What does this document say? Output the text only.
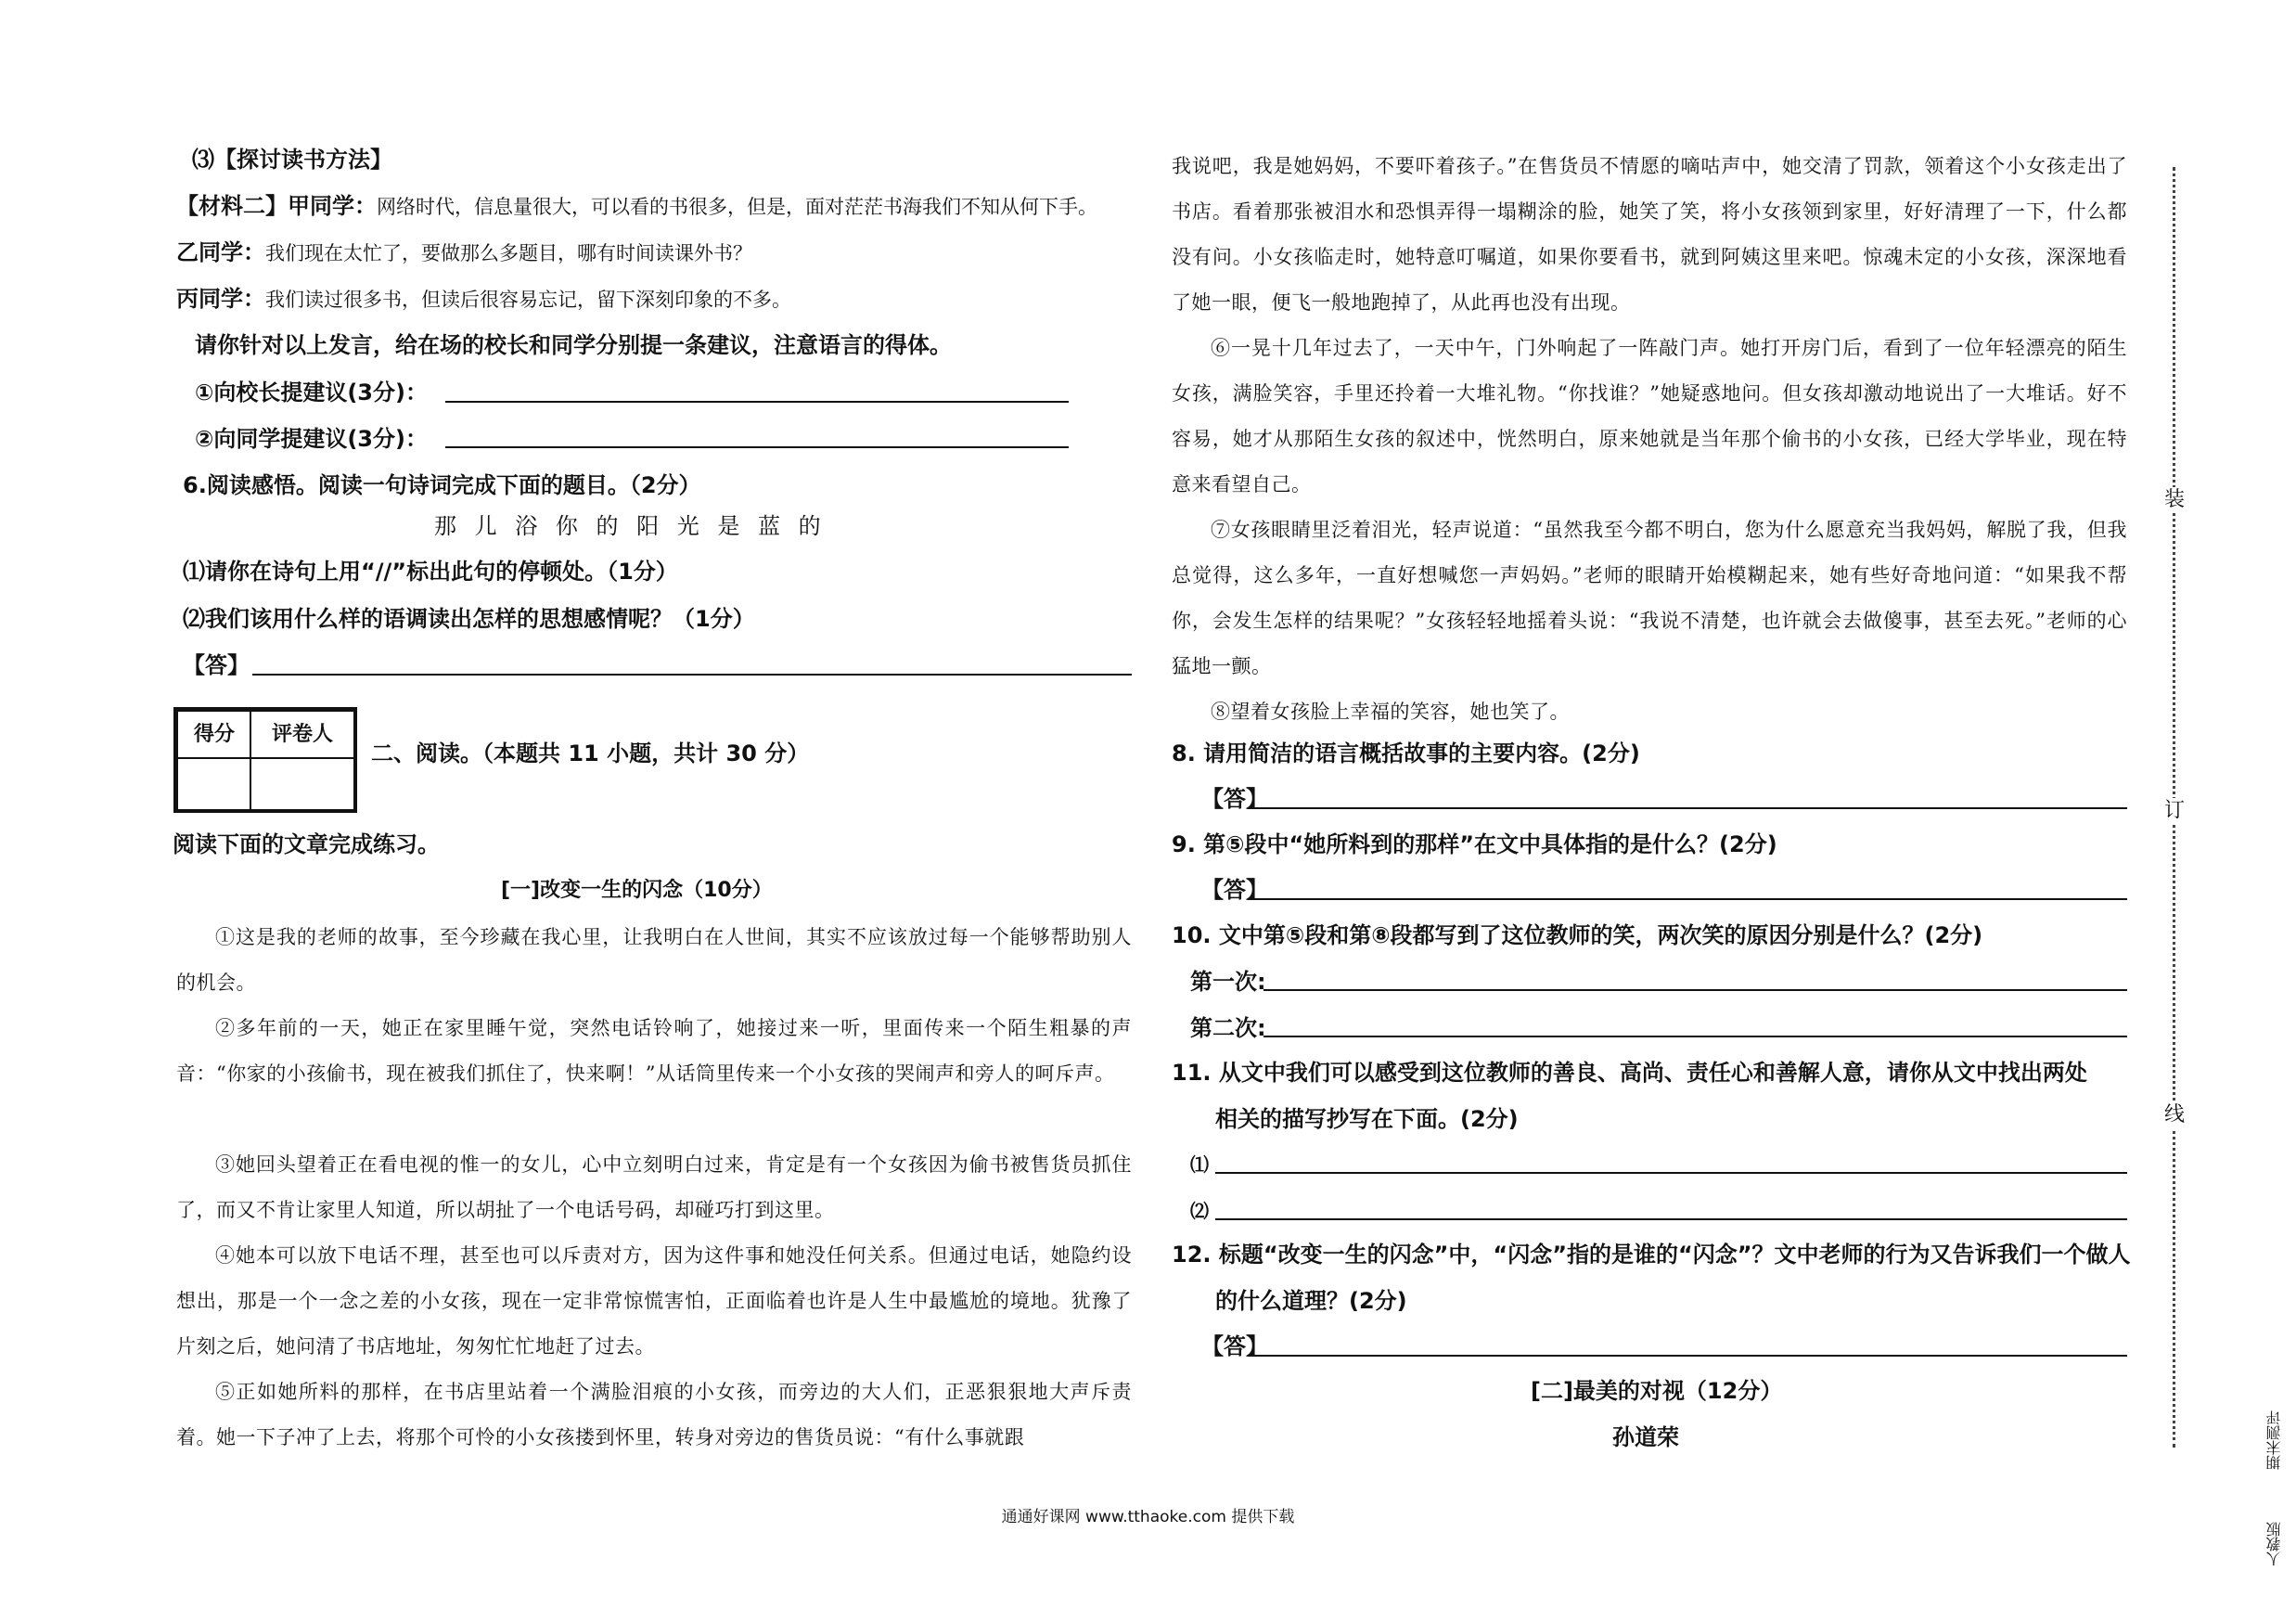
⑶【探讨读书方法】
【材料二】甲同学：网络时代，信息量很大，可以看的书很多，但是，面对茫茫书海我们不知从何下手。
乙同学：我们现在太忙了，要做那么多题目，哪有时间读课外书？
丙同学：我们读过很多书，但读后很容易忘记，留下深刻印象的不多。
请你针对以上发言，给在场的校长和同学分别提一条建议，注意语言的得体。
①向校长提建议(3分)：
②向同学提建议(3分)：
6.阅读感悟。阅读一句诗词完成下面的题目。（2分）
那 儿 浴 你 的 阳 光 是 蓝 的
⑴请你在诗句上用“//”标出此句的停顿处。（1分）
⑵我们该用什么样的语调读出怎样的思想感情呢？（1分）
【答】
得分	评卷人
二、阅读。（本题共 11 小题，共计 30 分）
阅读下面的文章完成练习。
[一]改变一生的闪念（10分）
①这是我的老师的故事，至今珍藏在我心里，让我明白在人世间，其实不应该放过每一个能够帮助别人的机会。
②多年前的一天，她正在家里睡午觉，突然电话铃响了，她接过来一听，里面传来一个陌生粗暴的声音：“你家的小孩偷书，现在被我们抓住了，快来啊！”从话筒里传来一个小女孩的哭闹声和旁人的呵斥声。
③她回头望着正在看电视的惟一的女儿，心中立刻明白过来，肯定是有一个女孩因为偷书被售货员抓住了，而又不肯让家里人知道，所以胡扯了一个电话号码，却碰巧打到这里。
④她本可以放下电话不理，甚至也可以斥责对方，因为这件事和她没任何关系。但通过电话，她隐约设想出，那是一个一念之差的小女孩，现在一定非常惊慌害怕，正面临着也许是人生中最尴尬的境地。犹豫了片刻之后，她问清了书店地址，匆匆忙忙地赶了过去。
⑤正如她所料的那样，在书店里站着一个满脸泪痕的小女孩，而旁边的大人们，正恶狠狠地大声斥责着。她一下子冲了上去，将那个可怜的小女孩搂到怀里，转身对旁边的售货员说：“有什么事就跟
我说吧，我是她妈妈，不要吓着孩子。”在售货员不情愿的嘀咕声中，她交清了罚款，领着这个小女孩走出了书店。看着那张被泪水和恐惧弄得一塌糊涂的脸，她笑了笑，将小女孩领到家里，好好清理了一下，什么都没有问。小女孩临走时，她特意叮嘱道，如果你要看书，就到阿姨这里来吧。惊魂未定的小女孩，深深地看了她一眼，便飞一般地跑掉了，从此再也没有出现。
⑥一晃十几年过去了，一天中午，门外响起了一阵敲门声。她打开房门后，看到了一位年轻漂亮的陌生女孩，满脸笑容，手里还拎着一大堆礼物。“你找谁？”她疑惑地问。但女孩却激动地说出了一大堆话。好不容易，她才从那陌生女孩的叙述中，恍然明白，原来她就是当年那个偷书的小女孩，已经大学毕业，现在特意来看望自己。
⑦女孩眼睛里泛着泪光，轻声说道：“虽然我至今都不明白，您为什么愿意充当我妈妈，解脱了我，但我总觉得，这么多年，一直好想喊您一声妈妈。”老师的眼睛开始模糊起来，她有些好奇地问道：“如果我不帮你，会发生怎样的结果呢？”女孩轻轻地摇着头说：“我说不清楚，也许就会去做傻事，甚至去死。”老师的心猛地一颤。
⑧望着女孩脸上幸福的笑容，她也笑了。
8. 请用简洁的语言概括故事的主要内容。(2分)
【答】
9. 第⑤段中“她所料到的那样”在文中具体指的是什么？(2分)
【答】
10. 文中第⑤段和第⑧段都写到了这位教师的笑，两次笑的原因分别是什么？(2分)
第一次:
第二次:
11. 从文中我们可以感受到这位教师的善良、高尚、责任心和善解人意，请你从文中找出两处
相关的描写抄写在下面。(2分)
⑴
⑵
12. 标题“改变一生的闪念”中，“闪念”指的是谁的“闪念”？文中老师的行为又告诉我们一个做人
的什么道理？(2分)
【答】
[二]最美的对视（12分）
孙道荣
装
订
线
期末测评
人教版
通通好课网 www.tthaoke.com 提供下载
